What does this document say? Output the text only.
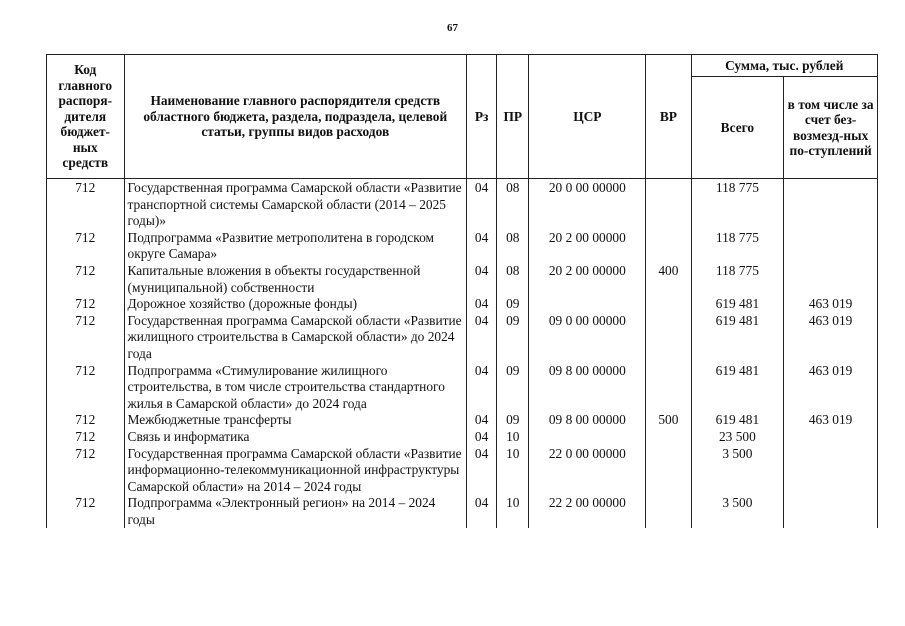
67
Код главного распоря-дителя бюджет-ных средств	Наименование главного распорядителя средств областного бюджета, раздела, подраздела, целевой статьи, группы видов расходов	Рз	ПР	ЦСР	ВР	Сумма, тыс. рублей	
						Всего	в том числе за счет без-возмезд-ных по-ступлений
712	Государственная программа Самарской области «Развитие транспортной системы Самарской области (2014 – 2025 годы)»	04	08	20 0 00 00000		118 775	
712	Подпрограмма «Развитие метрополитена в городском округе Самара»	04	08	20 2 00 00000		118 775	
712	Капитальные вложения в объекты государственной (муниципальной) собственности	04	08	20 2 00 00000	400	118 775	
712	Дорожное хозяйство (дорожные фонды)	04	09			619 481	463 019
712	Государственная программа Самарской области «Развитие жилищного строительства в Самарской области» до 2024 года	04	09	09 0 00 00000		619 481	463 019
712	Подпрограмма «Стимулирование жилищного строительства, в том числе строительства стандартного жилья в Самарской области» до 2024 года	04	09	09 8 00 00000		619 481	463 019
712	Межбюджетные трансферты	04	09	09 8 00 00000	500	619 481	463 019
712	Связь и информатика	04	10			23 500	
712	Государственная программа Самарской области «Развитие информационно-телекоммуникационной инфраструктуры Самарской области» на 2014 – 2024 годы	04	10	22 0 00 00000		3 500	
712	Подпрограмма «Электронный регион» на 2014 – 2024 годы	04	10	22 2 00 00000		3 500	
